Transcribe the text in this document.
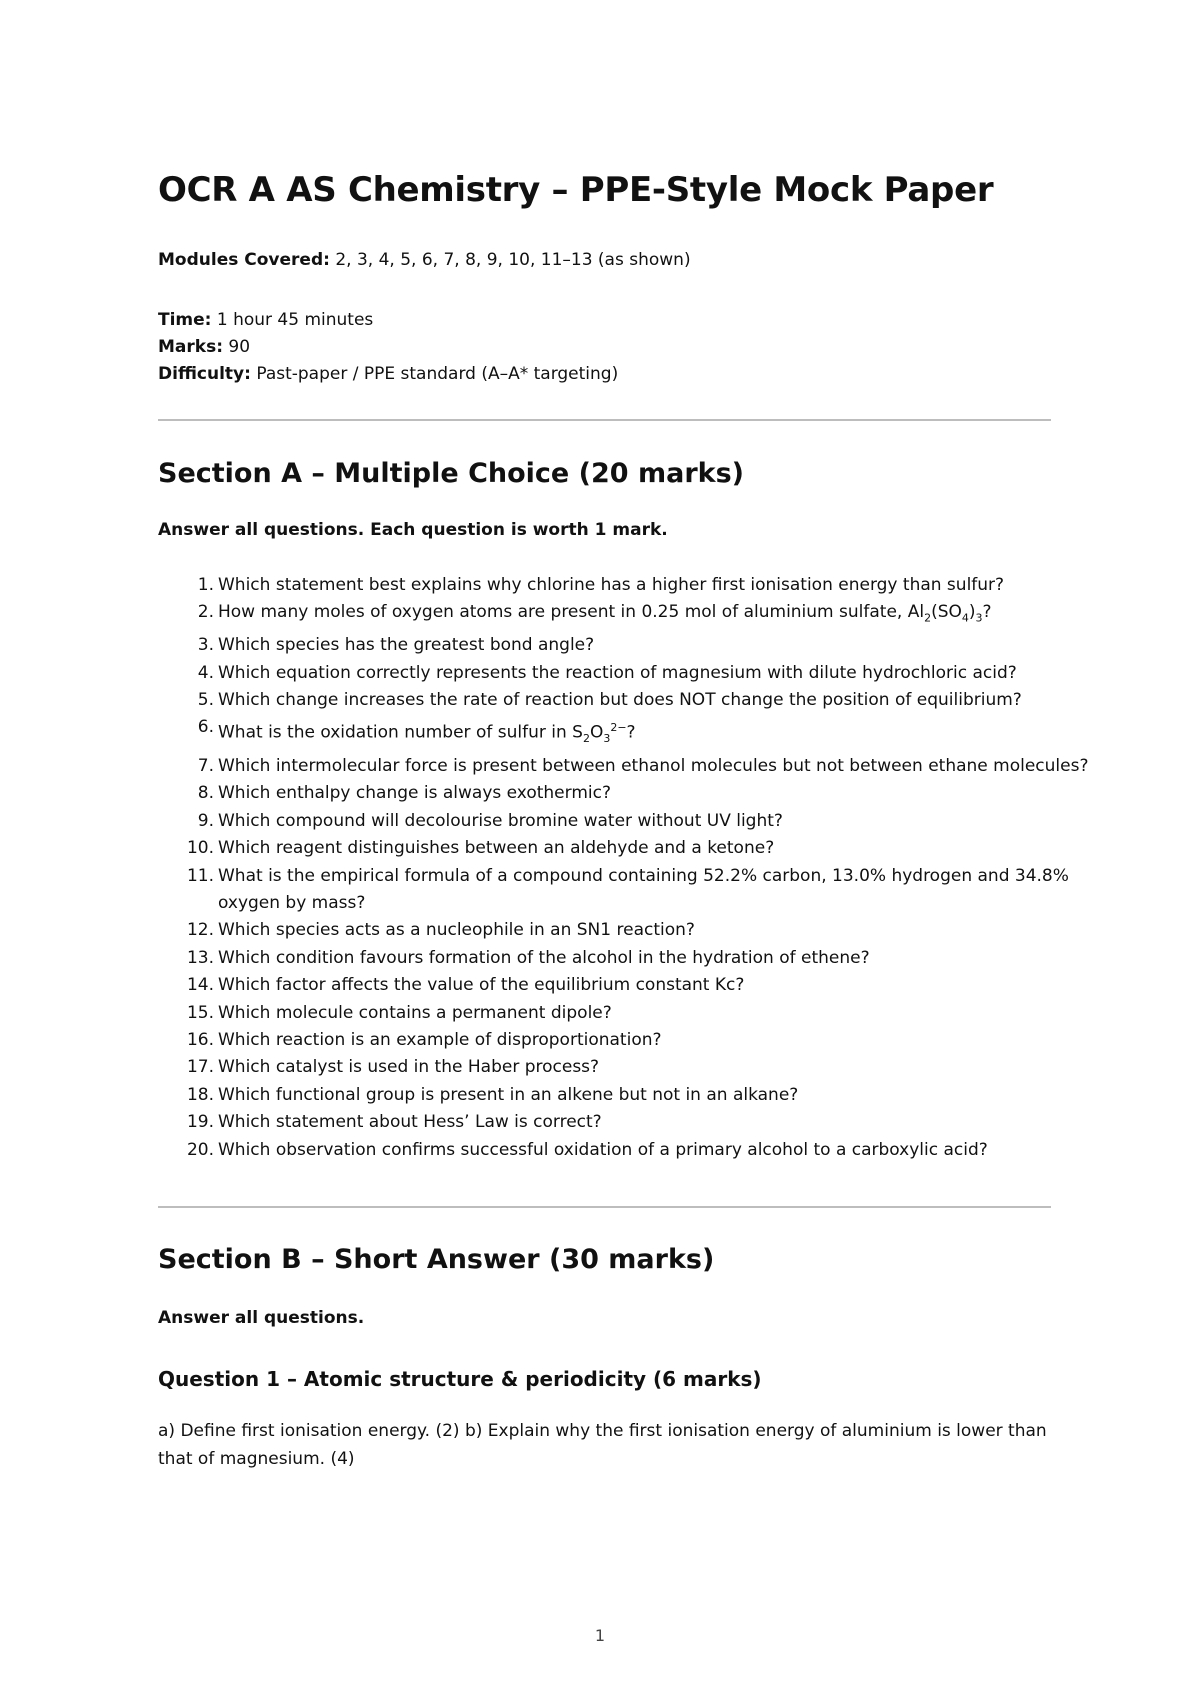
OCR A AS Chemistry – PPE-Style Mock Paper

Modules Covered: 2, 3, 4, 5, 6, 7, 8, 9, 10, 11–13 (as shown)

Time: 1 hour 45 minutes

Marks: 90

Difficulty: Past-paper / PPE standard (A–A* targeting)

Section A – Multiple Choice (20 marks)

Answer all questions. Each question is worth 1 mark.

1. Which statement best explains why chlorine has a higher first ionisation energy than sulfur?
2. How many moles of oxygen atoms are present in 0.25 mol of aluminium sulfate, $Al_2(SO_4)_3$?
3. Which species has the greatest bond angle?
4. Which equation correctly represents the reaction of magnesium with dilute hydrochloric acid?
5. Which change increases the rate of reaction but does NOT change the position of equilibrium?
6. What is the oxidation number of sulfur in $S_2O_3^{2-}$?
7. Which intermolecular force is present between ethanol molecules but not between ethane molecules?
8. Which enthalpy change is always exothermic?
9. Which compound will decolourise bromine water without UV light?
10. Which reagent distinguishes between an aldehyde and a ketone?
11. What is the empirical formula of a compound containing 52.2% carbon, 13.0% hydrogen and 34.8% oxygen by mass?
12. Which species acts as a nucleophile in an SN1 reaction?
13. Which condition favours formation of the alcohol in the hydration of ethene?
14. Which factor affects the value of the equilibrium constant Kc?
15. Which molecule contains a permanent dipole?
16. Which reaction is an example of disproportionation?
17. Which catalyst is used in the Haber process?
18. Which functional group is present in an alkene but not in an alkane?
19. Which statement about Hess’ Law is correct?
20. Which observation confirms successful oxidation of a primary alcohol to a carboxylic acid?
Section B – Short Answer (30 marks)

Answer all questions.

Question 1 – Atomic structure & periodicity (6 marks)

a) Define first ionisation energy. (2) b) Explain why the first ionisation energy of aluminium is lower than that of magnesium. (4)

1
